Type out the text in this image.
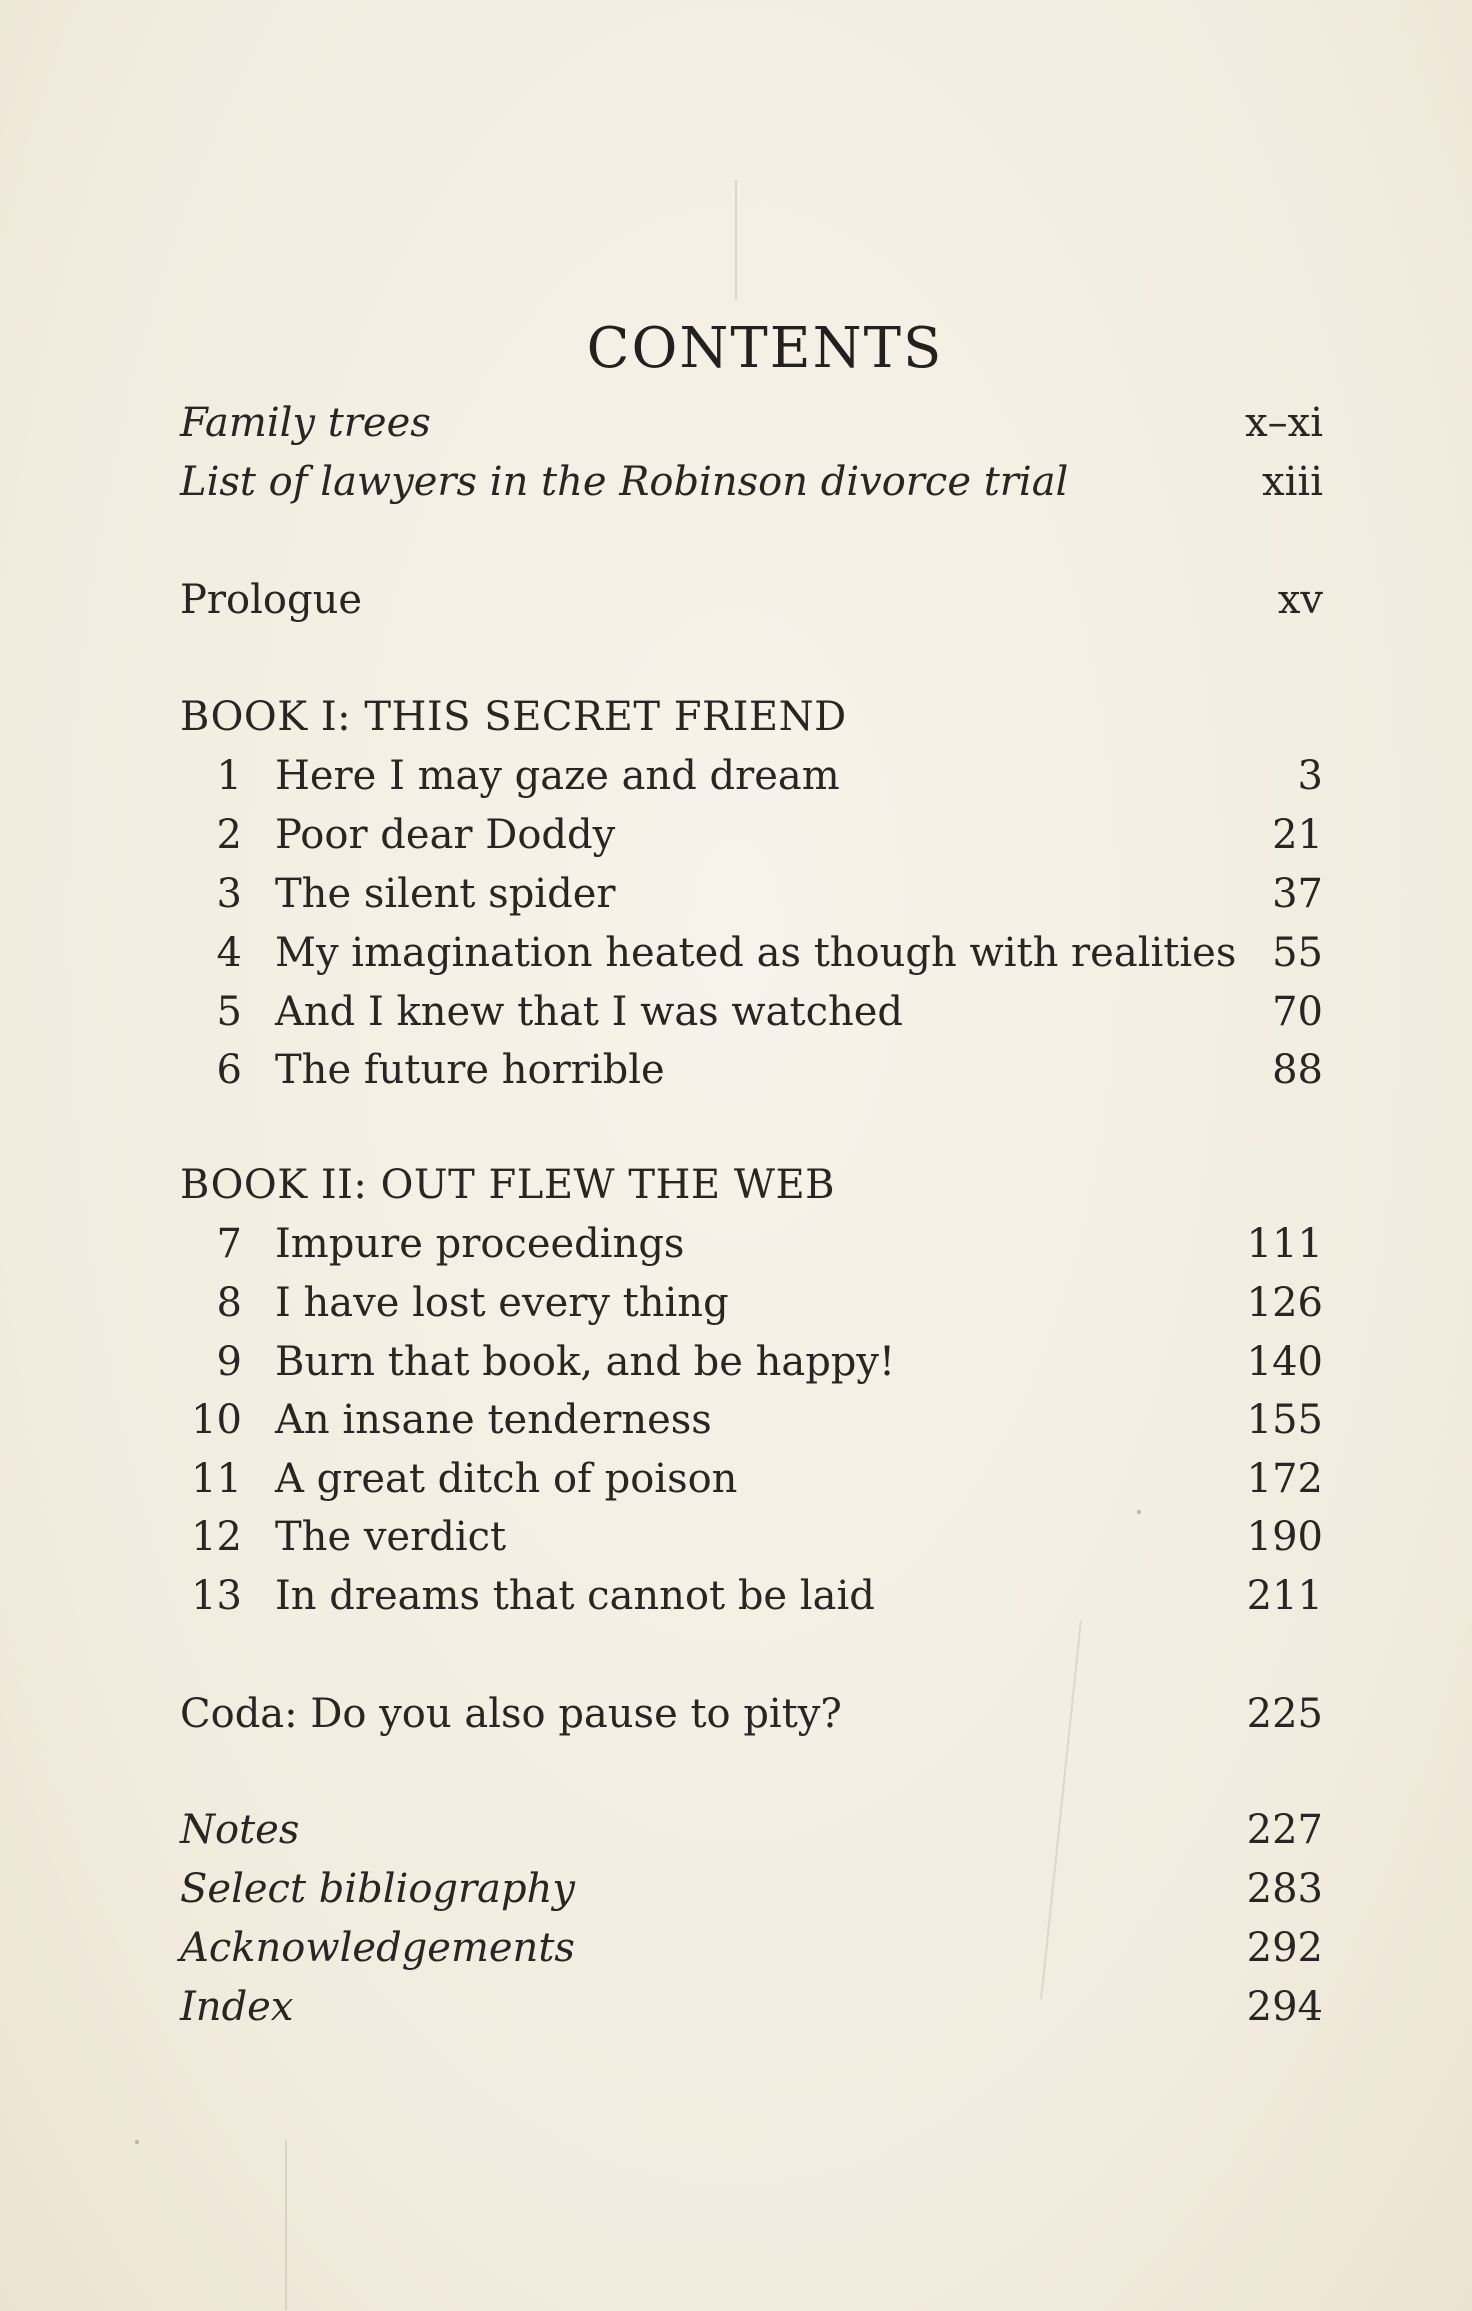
CONTENTS
Family trees	x–xi
List of lawyers in the Robinson divorce trial	xiii
Prologue	xv
BOOK I: THIS SECRET FRIEND
1 Here I may gaze and dream	3
2 Poor dear Doddy	21
3 The silent spider	37
4 My imagination heated as though with realities 55
5 And I knew that I was watched	70
6 The future horrible	88
BOOK II: OUT FLEW THE WEB
7 Impure proceedings	111
8 I have lost every thing	126
9 Burn that book, and be happy!	140
10 An insane tenderness	155
11 A great ditch of poison	172
12 The verdict	190
13 In dreams that cannot be laid	211
Coda: Do you also pause to pity?	225
Notes	227
Select bibliography	283
Acknowledgements	292
Index	294
